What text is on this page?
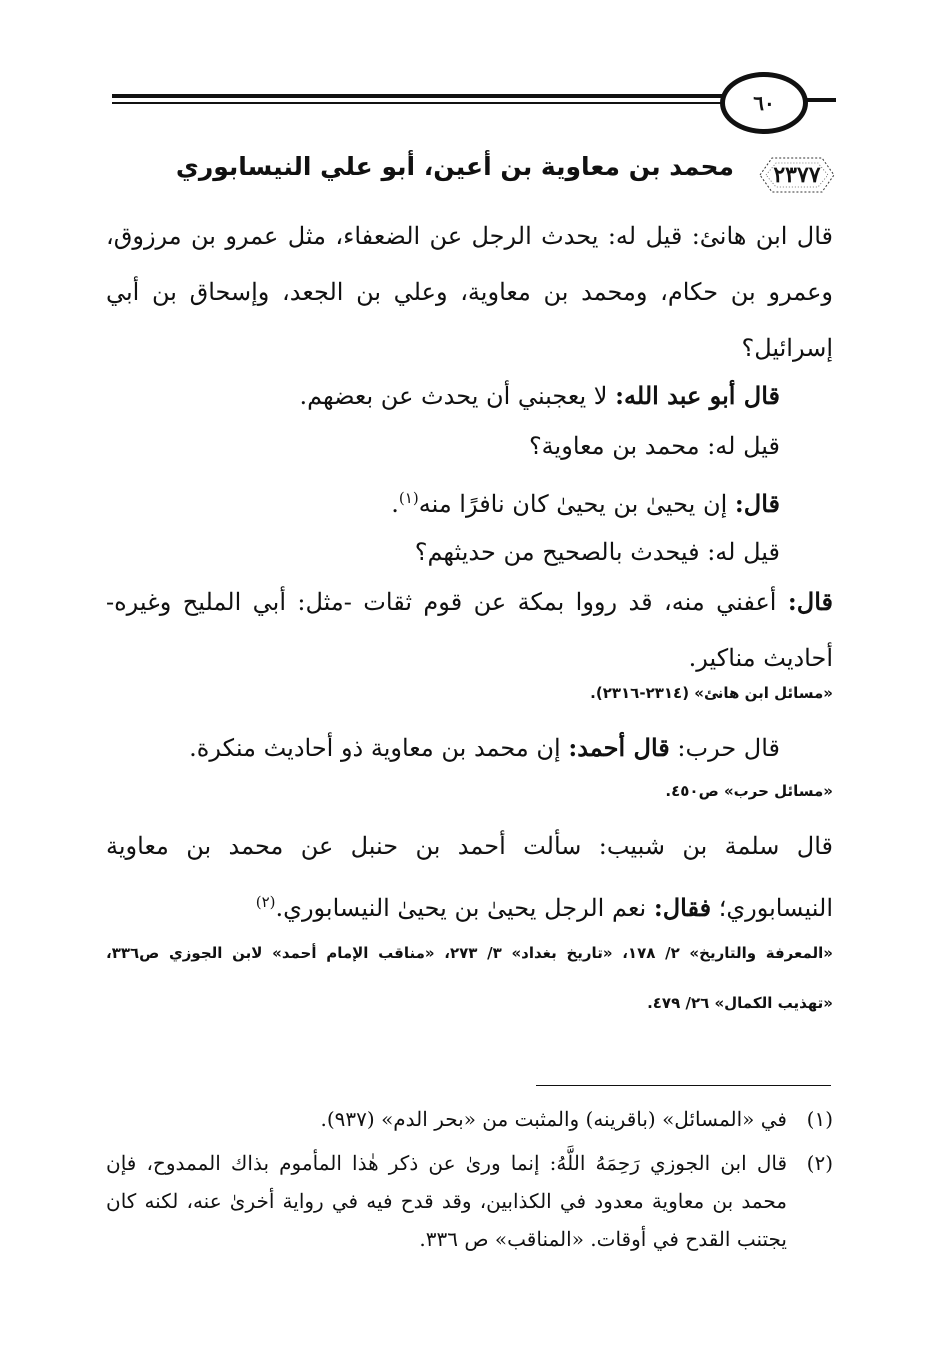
٦٠
٢٣٧٧
محمد بن معاوية بن أعين، أبو علي النيسابوري
قال ابن هانئ: قيل له: يحدث الرجل عن الضعفاء، مثل عمرو بن مرزوق، وعمرو بن حكام، ومحمد بن معاوية، وعلي بن الجعد، وإسحاق بن أبي إسرائيل؟
قال أبو عبد الله: لا يعجبني أن يحدث عن بعضهم.
قيل له: محمد بن معاوية؟
قال: إن يحيىٰ بن يحيىٰ كان نافرًا منه$^{(١)}$.
قيل له: فيحدث بالصحيح من حديثهم؟
قال: أعفني منه، قد رووا بمكة عن قوم ثقات -مثل: أبي المليح وغيره- أحاديث مناكير.
«مسائل ابن هانئ» (٢٣١٤-٢٣١٦).
قال حرب: قال أحمد: إن محمد بن معاوية ذو أحاديث منكرة.
«مسائل حرب» ص٤٥٠.
قال سلمة بن شبيب: سألت أحمد بن حنبل عن محمد بن معاوية النيسابوري؛ فقال: نعم الرجل يحيىٰ بن يحيىٰ النيسابوري.$^{(٢)}$
«المعرفة والتاريخ» ٢/ ١٧٨، «تاريخ بغداد» ٣/ ٢٧٣، «مناقب الإمام أحمد» لابن الجوزي ص٣٣٦، «تهذيب الكمال» ٢٦/ ٤٧٩.
(١)في «المسائل» (باقرينه) والمثبت من «بحر الدم» (٩٣٧).
(٢)
قال ابن الجوزي رَحِمَهُ اللَّهُ: إنما ورىٰ عن ذكر هٰذا المأموم بذاك الممدوح، فإن محمد بن معاوية معدود في الكذابين، وقد قدح فيه في رواية أخرىٰ عنه، لكنه كان يجتنب القدح في أوقات. «المناقب» ص ٣٣٦.
